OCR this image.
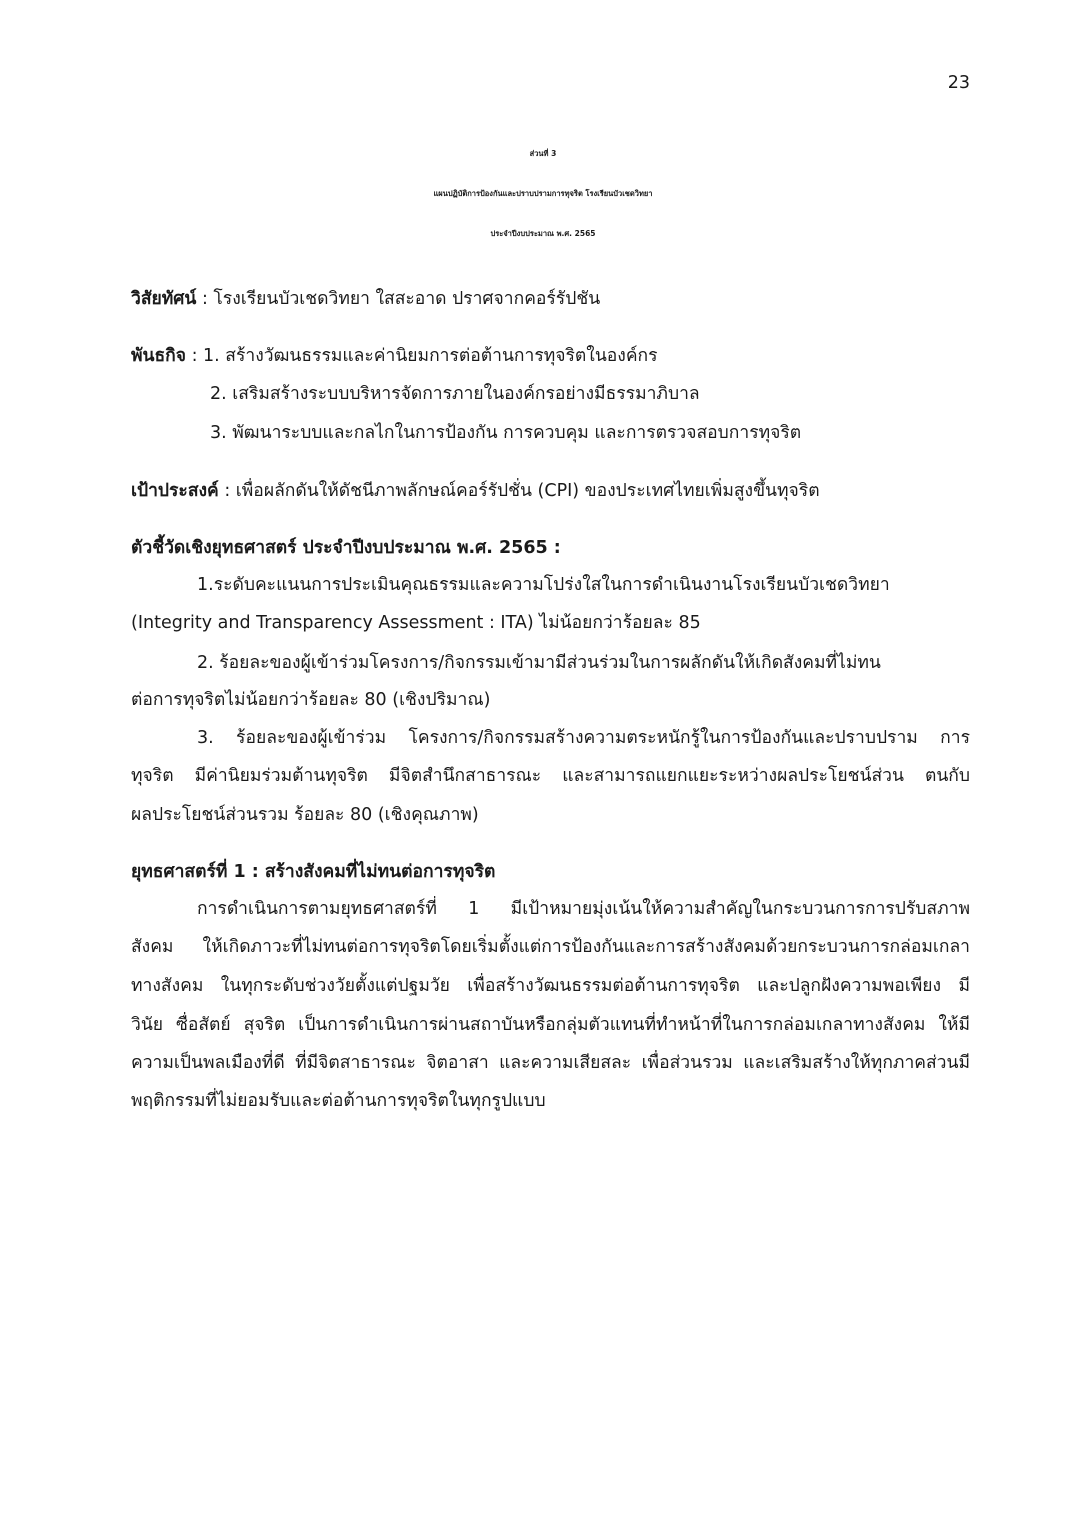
23
ส่วนที่ 3
แผนปฏิบัติการป้องกันและปราบปรามการทุจริต โรงเรียนบัวเชดวิทยา
ประจำปีงบประมาณ พ.ศ. 2565
วิสัยทัศน์ : โรงเรียนบัวเชดวิทยา ใสสะอาด ปราศจากคอร์รัปชัน
พันธกิจ : 1. สร้างวัฒนธรรมและค่านิยมการต่อต้านการทุจริตในองค์กร
2. เสริมสร้างระบบบริหารจัดการภายในองค์กรอย่างมีธรรมาภิบาล
3. พัฒนาระบบและกลไกในการป้องกัน การควบคุม และการตรวจสอบการทุจริต
เป้าประสงค์ : เพื่อผลักดันให้ดัชนีภาพลักษณ์คอร์รัปชั่น (CPI) ของประเทศไทยเพิ่มสูงขึ้นทุจริต
ตัวชี้วัดเชิงยุทธศาสตร์ ประจำปีงบประมาณ พ.ศ. 2565 :
1.ระดับคะแนนการประเมินคุณธรรมและความโปร่งใสในการดำเนินงานโรงเรียนบัวเชดวิทยา
(Integrity and Transparency Assessment : ITA) ไม่น้อยกว่าร้อยละ 85
2. ร้อยละของผู้เข้าร่วมโครงการ/กิจกรรมเข้ามามีส่วนร่วมในการผลักดันให้เกิดสังคมที่ไม่ทน
ต่อการทุจริตไม่น้อยกว่าร้อยละ 80 (เชิงปริมาณ)
3. ร้อยละของผู้เข้าร่วม โครงการ/กิจกรรมสร้างความตระหนักรู้ในการป้องกันและปราบปราม การ
ทุจริต มีค่านิยมร่วมต้านทุจริต มีจิตสำนึกสาธารณะ และสามารถแยกแยะระหว่างผลประโยชน์ส่วน ตนกับ
ผลประโยชน์ส่วนรวม ร้อยละ 80 (เชิงคุณภาพ)
ยุทธศาสตร์ที่ 1 : สร้างสังคมที่ไม่ทนต่อการทุจริต
การดำเนินการตามยุทธศาสตร์ที่ 1 มีเป้าหมายมุ่งเน้นให้ความสำคัญในกระบวนการการปรับสภาพ
สังคม ให้เกิดภาวะที่ไม่ทนต่อการทุจริตโดยเริ่มตั้งแต่การป้องกันและการสร้างสังคมด้วยกระบวนการกล่อมเกลา
ทางสังคม ในทุกระดับช่วงวัยตั้งแต่ปฐมวัย เพื่อสร้างวัฒนธรรมต่อต้านการทุจริต และปลูกฝังความพอเพียง มี
วินัย ซื่อสัตย์ สุจริต เป็นการดำเนินการผ่านสถาบันหรือกลุ่มตัวแทนที่ทำหน้าที่ในการกล่อมเกลาทางสังคม ให้มี
ความเป็นพลเมืองที่ดี ที่มีจิตสาธารณะ จิตอาสา และความเสียสละ เพื่อส่วนรวม และเสริมสร้างให้ทุกภาคส่วนมี
พฤติกรรมที่ไม่ยอมรับและต่อต้านการทุจริตในทุกรูปแบบ
